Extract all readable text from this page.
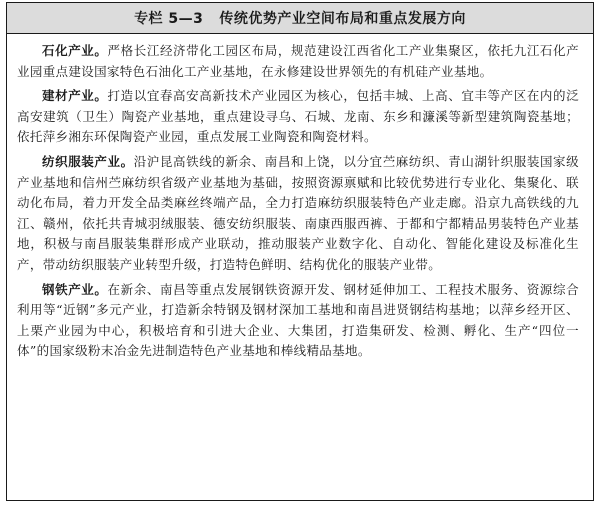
专栏 5—3 传统优势产业空间布局和重点发展方向

石化产业。严格长江经济带化工园区布局，规范建设江西省化工产业集聚区，依托九江石化产业园重点建设国家特色石油化工产业基地，在永修建设世界领先的有机硅产业基地。

建材产业。打造以宜春高安高新技术产业园区为核心，包括丰城、上高、宜丰等产区在内的泛高安建筑（卫生）陶瓷产业基地，重点建设寻乌、石城、龙南、东乡和濂溪等新型建筑陶瓷基地；依托萍乡湘东环保陶瓷产业园，重点发展工业陶瓷和陶瓷材料。

纺织服装产业。沿沪昆高铁线的新余、南昌和上饶，以分宜苎麻纺织、青山湖针织服装国家级产业基地和信州苎麻纺织省级产业基地为基础，按照资源禀赋和比较优势进行专业化、集聚化、联动化布局，着力开发全品类麻丝终端产品，全力打造麻纺织服装特色产业走廊。沿京九高铁线的九江、赣州，依托共青城羽绒服装、德安纺织服装、南康西服西裤、于都和宁都精品男装特色产业基地，积极与南昌服装集群形成产业联动，推动服装产业数字化、自动化、智能化建设及标准化生产，带动纺织服装产业转型升级，打造特色鲜明、结构优化的服装产业带。

钢铁产业。在新余、南昌等重点发展钢铁资源开发、钢材延伸加工、工程技术服务、资源综合利用等“近钢”多元产业，打造新余特钢及钢材深加工基地和南昌进贤钢结构基地；以萍乡经开区、上栗产业园为中心，积极培育和引进大企业、大集团，打造集研发、检测、孵化、生产“四位一体”的国家级粉末冶金先进制造特色产业基地和棒线精品基地。
